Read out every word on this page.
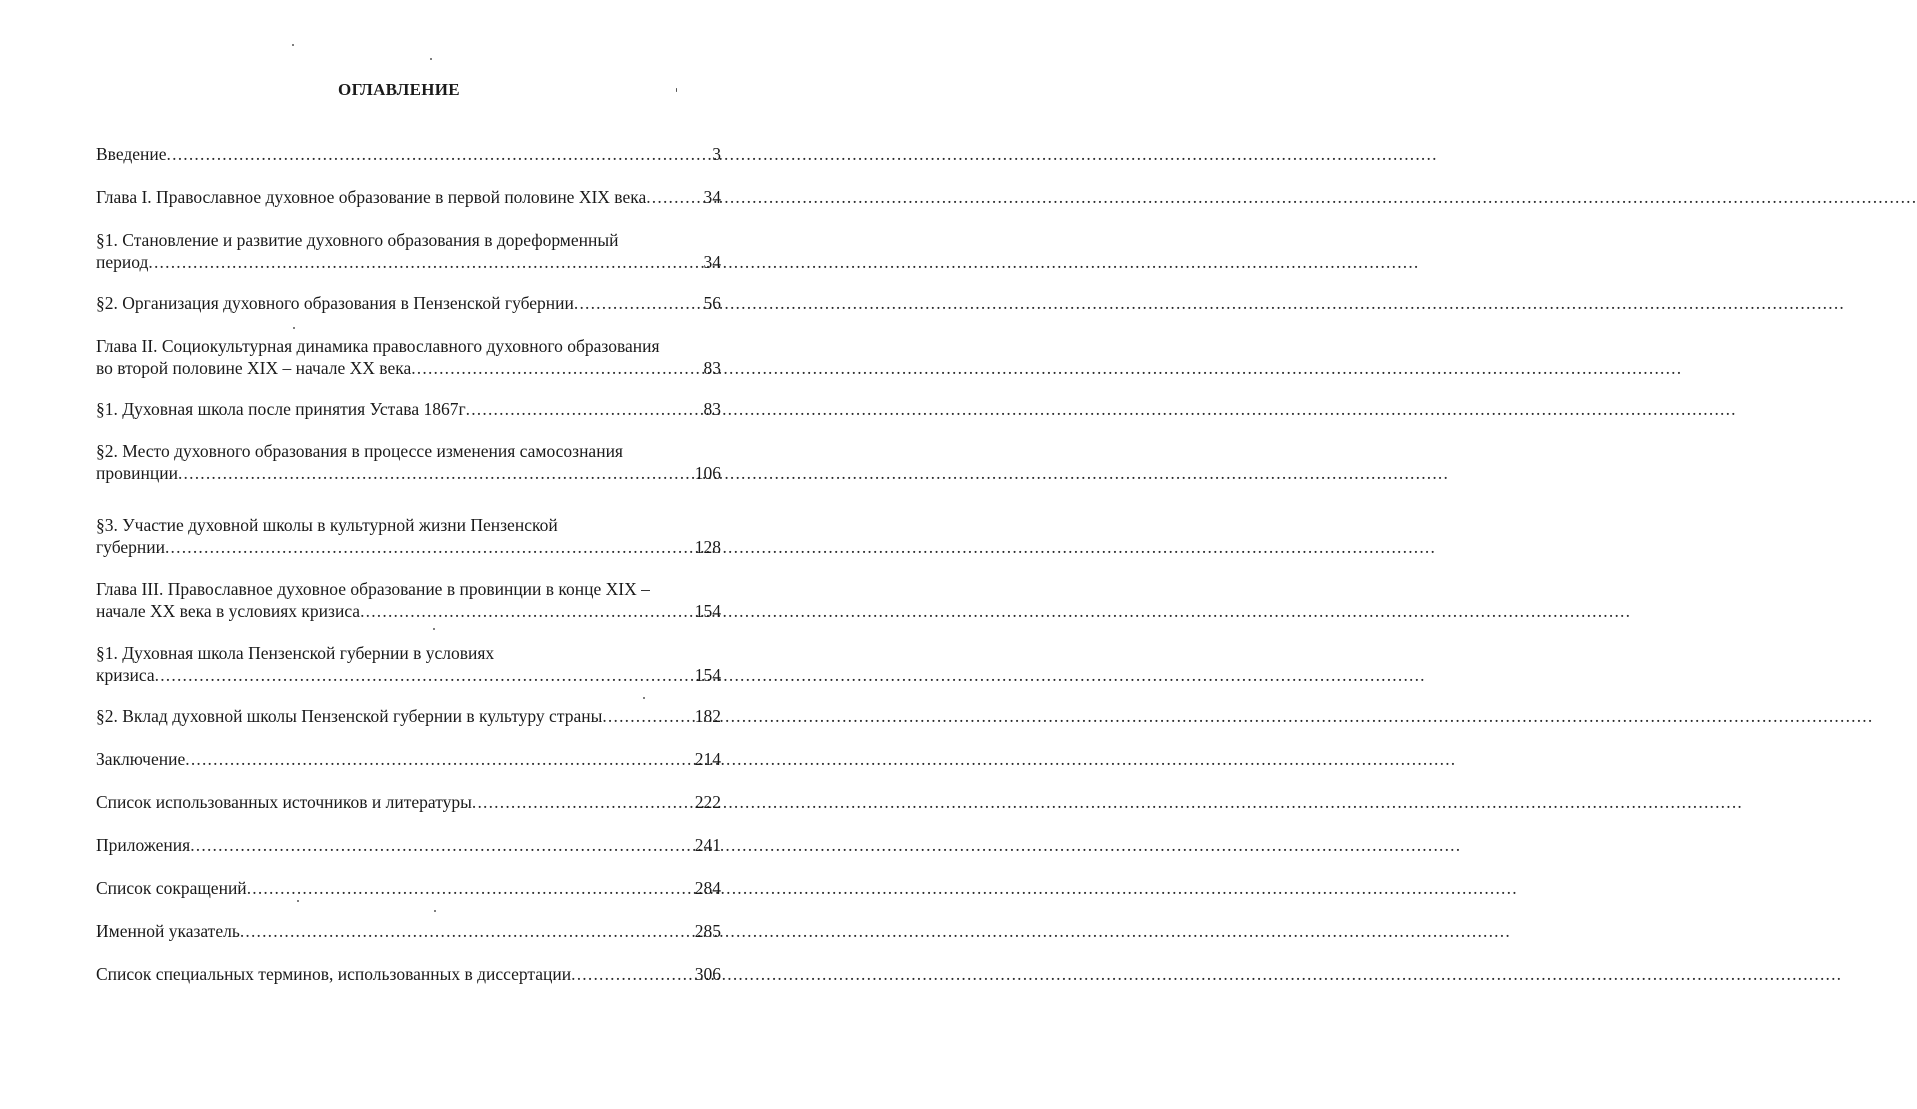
ОГЛАВЛЕНИЕ
Введение .....	3
Глава I. Православное духовное образование в первой половине XIX века .....	34
§1. Становление и развитие духовного образования в дореформенный
период .....	34
§2. Организация духовного образования в Пензенской губернии .....	56
Глава II. Социокультурная динамика православного духовного образования
во второй половине XIX – начале XX века .....	83
§1. Духовная школа после принятия Устава 1867г .....	83
§2. Место духовного образования в процессе изменения самосознания
провинции .....	106
§3. Участие духовной школы в культурной жизни Пензенской
губернии .....	128
Глава III. Православное духовное образование в провинции в конце XIX –
начале XX века в условиях кризиса .....	154
§1. Духовная школа Пензенской губернии в условиях
кризиса .....	154
§2. Вклад духовной школы Пензенской губернии в культуру страны .....	182
Заключение .....	214
Список использованных источников и литературы .....	222
Приложения .....	241
Список сокращений .....	284
Именной указатель .....	285
Список специальных терминов, использованных в диссертации .....	306
